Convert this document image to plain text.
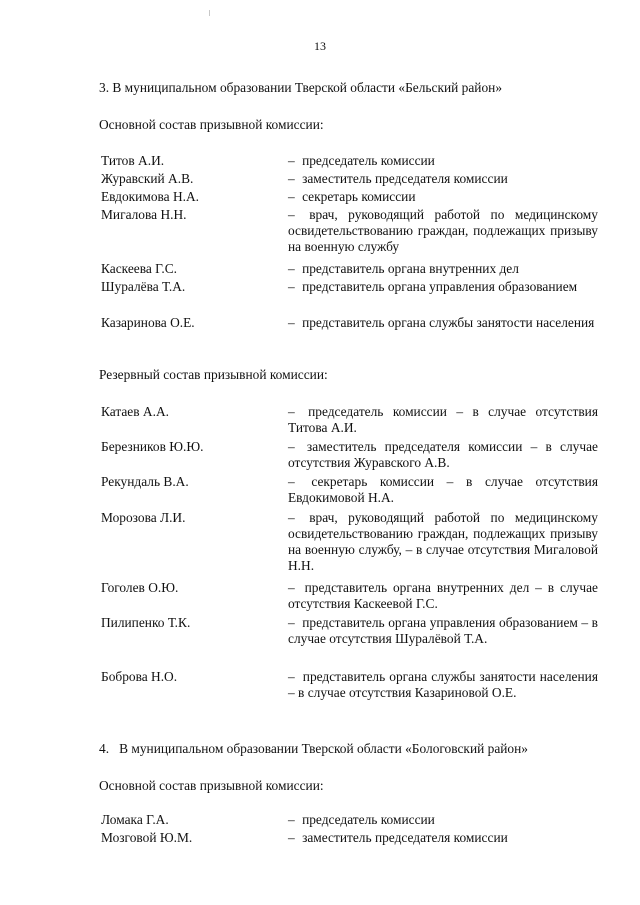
13
3. В муниципальном образовании Тверской области «Бельский район»
Основной состав призывной комиссии:
Титов А.И.	– председатель комиссии
Журавский А.В.	– заместитель председателя комиссии
Евдокимова Н.А.	– секретарь комиссии
Мигалова Н.Н.	– врач, руководящий работой по медицинскому освидетельствованию граждан, подлежащих призыву на военную службу
Каскеева Г.С.	– представитель органа внутренних дел
Шуралёва Т.А.	– представитель органа управления образованием
Казаринова О.Е.	– представитель органа службы занятости населения
Резервный состав призывной комиссии:
Катаев А.А.	– председатель комиссии – в случае отсутствия Титова А.И.
Березников Ю.Ю.	– заместитель председателя комиссии – в случае отсутствия Журавского А.В.
Рекундаль В.А.	– секретарь комиссии – в случае отсутствия Евдокимовой Н.А.
Морозова Л.И.	– врач, руководящий работой по медицинскому освидетельствованию граждан, подлежащих призыву на военную службу, – в случае отсутствия Мигаловой Н.Н.
Гоголев О.Ю.	– представитель органа внутренних дел – в случае отсутствия Каскеевой Г.С.
Пилипенко Т.К.	– представитель органа управления образованием – в случае отсутствия Шуралёвой Т.А.
Боброва Н.О.	– представитель органа службы занятости населения – в случае отсутствия Казариновой О.Е.
4.   В муниципальном образовании Тверской области «Бологовский район»
Основной состав призывной комиссии:
Ломака Г.А.	– председатель комиссии
Мозговой Ю.М.	– заместитель председателя комиссии
